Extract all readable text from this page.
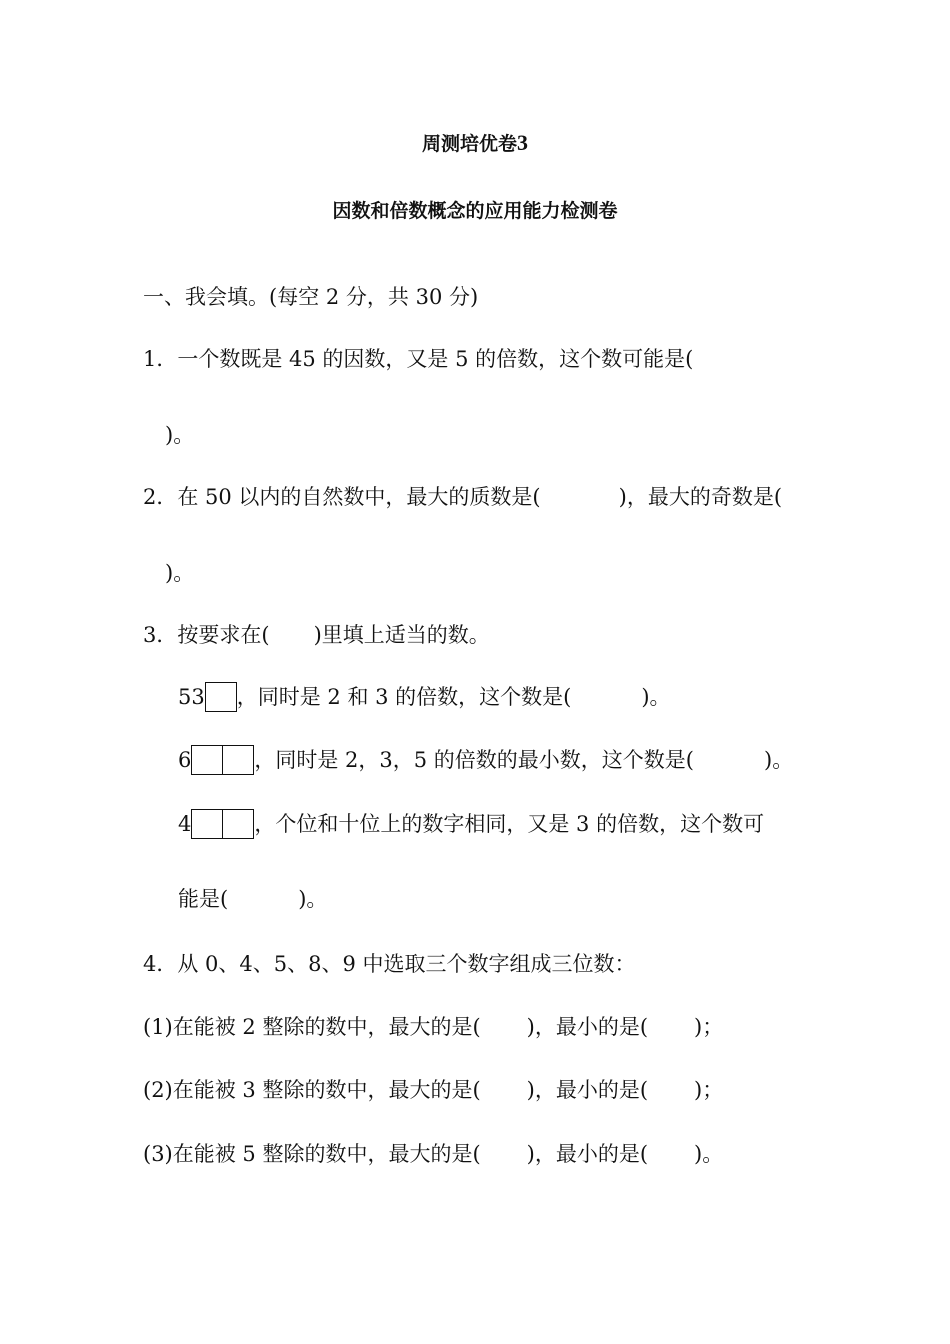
周测培优卷3
因数和倍数概念的应用能力检测卷
一、我会填。(每空 2 分，共 30 分)
1．一个数既是 45 的因数，又是 5 的倍数，这个数可能是(
)。
2．在 50 以内的自然数中，最大的质数是(	)，最大的奇数是(
)。
3．按要求在( )里填上适当的数。
53 ，同时是 2 和 3 的倍数，这个数是(	)。
6	，同时是 2，3，5 的倍数的最小数，这个数是(	)。
4	，个位和十位上的数字相同，又是 3 的倍数，这个数可
能是(	)。
4．从 0、4、5、8、9 中选取三个数字组成三位数：
(1)在能被 2 整除的数中，最大的是( )，最小的是( )；
(2)在能被 3 整除的数中，最大的是( )，最小的是( )；
(3)在能被 5 整除的数中，最大的是( )，最小的是( )。
